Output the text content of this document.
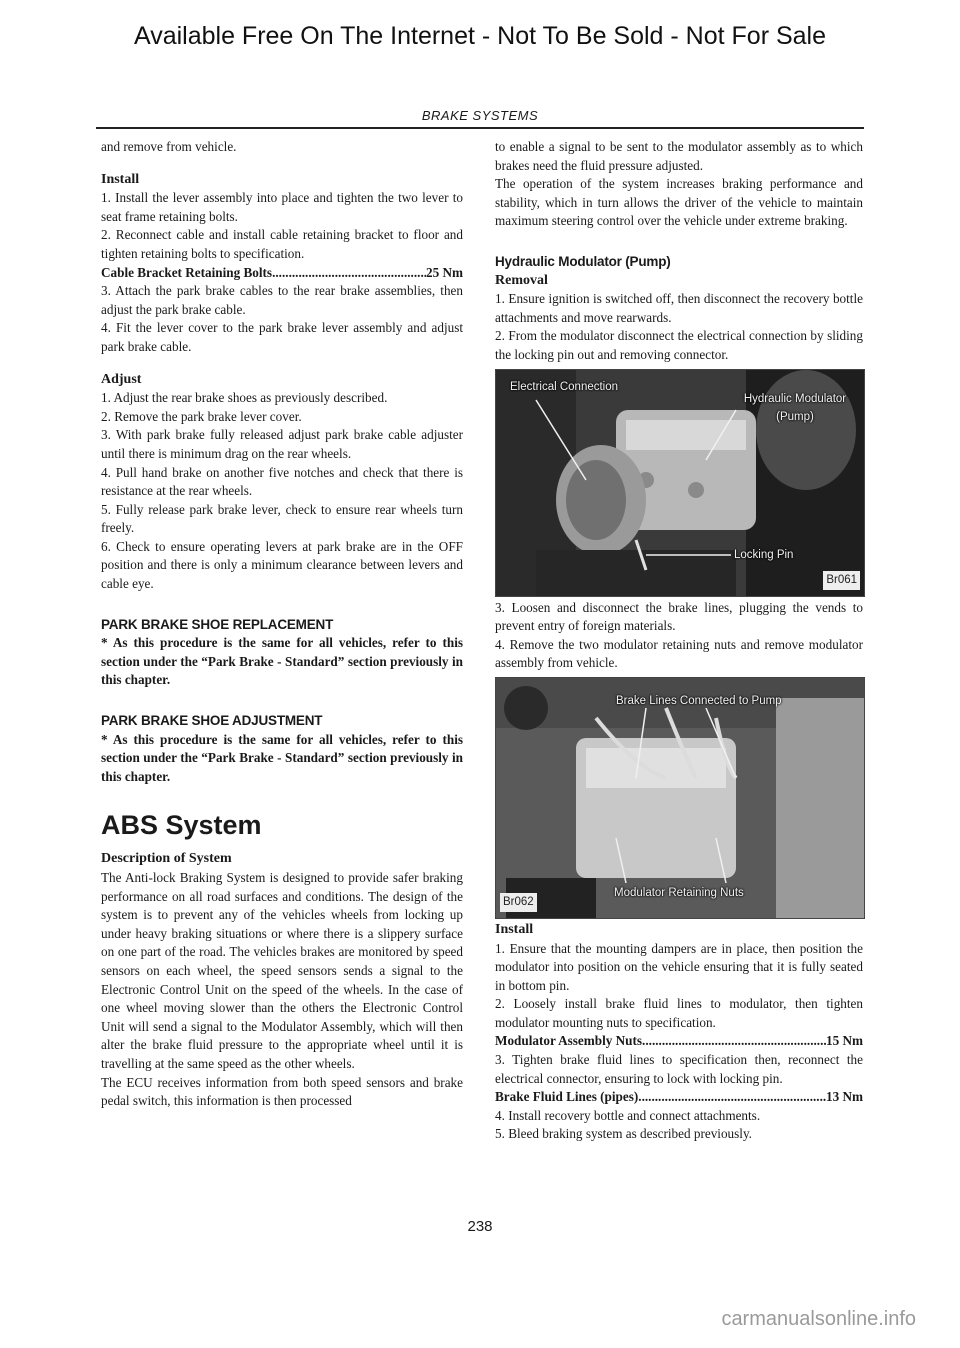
Available Free On The Internet - Not To Be Sold - Not For Sale
BRAKE SYSTEMS

and remove from vehicle.

Install

1. Install the lever assembly into place and tighten the two lever to seat frame retaining bolts.

2. Reconnect cable and install cable retaining bracket to floor and tighten retaining bolts to specification.

Cable Bracket Retaining Bolts .....	25 Nm

3. Attach the park brake cables to the rear brake assemblies, then adjust the park brake cable.

4. Fit the lever cover to the park brake lever assembly and adjust park brake cable.

Adjust

1. Adjust the rear brake shoes as previously described.

2. Remove the park brake lever cover.

3. With park brake fully released adjust park brake cable adjuster until there is minimum drag on the rear wheels.

4. Pull hand brake on another five notches and check that there is resistance at the rear wheels.

5. Fully release park brake lever, check to ensure rear wheels turn freely.

6. Check to ensure operating levers at park brake are in the OFF position and there is only a minimum clearance between levers and cable eye.

PARK BRAKE SHOE REPLACEMENT

* As this procedure is the same for all vehicles, refer to this section under the “Park Brake - Standard” section previously in this chapter.

PARK BRAKE SHOE ADJUSTMENT

* As this procedure is the same for all vehicles, refer to this section under the “Park Brake - Standard” section previously in this chapter.

ABS System

Description of System

The Anti-lock Braking System is designed to provide safer braking performance on all road surfaces and conditions. The design of the system is to prevent any of the vehicles wheels from locking up under heavy braking situations or where there is a slippery surface on one part of the road. The vehicles brakes are monitored by speed sensors on each wheel, the speed sensors sends a signal to the Electronic Control Unit on the speed of the wheels. In the case of one wheel moving slower than the others the Electronic Control Unit will send a signal to the Modulator Assembly, which will then alter the brake fluid pressure to the appropriate wheel until it is travelling at the same speed as the other wheels.

The ECU receives information from both speed sensors and brake pedal switch, this information is then processed

to enable a signal to be sent to the modulator assembly as to which brakes need the fluid pressure adjusted.

The operation of the system increases braking performance and stability, which in turn allows the driver of the vehicle to maintain maximum steering control over the vehicle under extreme braking.

Hydraulic Modulator (Pump)

Removal

1. Ensure ignition is switched off, then disconnect the recovery bottle attachments and move rearwards.

2. From the modulator disconnect the electrical connection by sliding the locking pin out and removing connector.

Electrical Connection
Hydraulic Modulator (Pump)
Locking Pin
Br061

3. Loosen and disconnect the brake lines, plugging the vends to prevent entry of foreign materials.

4. Remove the two modulator retaining nuts and remove modulator assembly from vehicle.

Brake Lines Connected to Pump
Modulator Retaining Nuts
Br062

Install

1. Ensure that the mounting dampers are in place, then position the modulator into position on the vehicle ensuring that it is fully seated in bottom pin.

2. Loosely install brake fluid lines to modulator, then tighten modulator mounting nuts to specification.

Modulator Assembly Nuts .....	15 Nm

3. Tighten brake fluid lines to specification then, reconnect the electrical connector, ensuring to lock with locking pin.

Brake Fluid Lines (pipes) .....	13 Nm

4. Install recovery bottle and connect attachments.

5. Bleed braking system as described previously.

238
carmanualsonline.info
